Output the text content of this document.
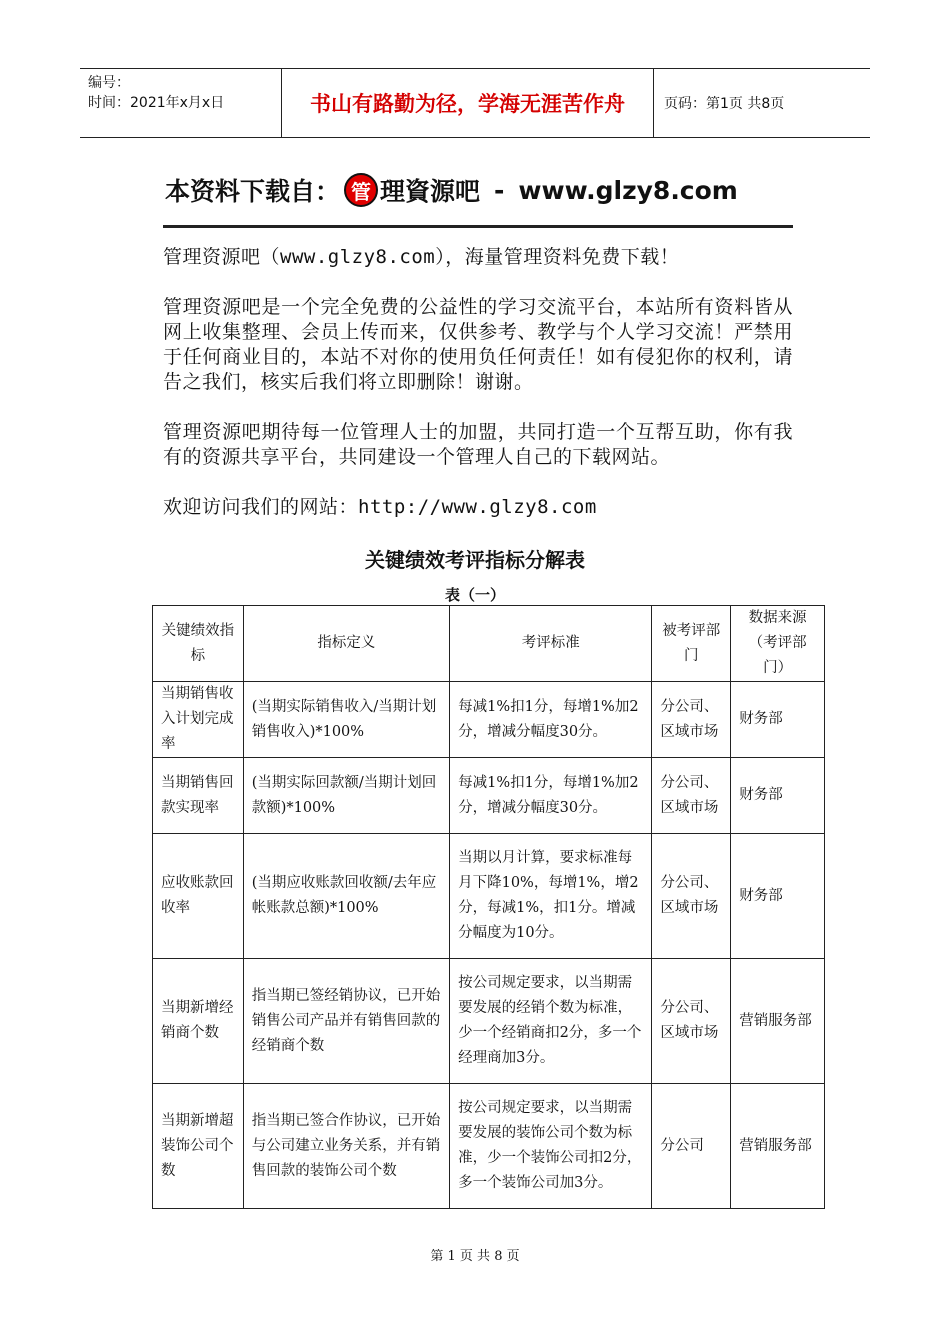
编号：
时间：2021年x月x日	书山有路勤为径，学海无涯苦作舟	页码：第1页 共8页
本资料下载自： 管 理資源吧 - www.glzy8.com
管理资源吧（www.glzy8.com），海量管理资料免费下载！
管理资源吧是一个完全免费的公益性的学习交流平台，本站所有资料皆从网上收集整理、会员上传而来，仅供参考、教学与个人学习交流！严禁用于任何商业目的，本站不对你的使用负任何责任！如有侵犯你的权利，请告之我们，核实后我们将立即删除！谢谢。
管理资源吧期待每一位管理人士的加盟，共同打造一个互帮互助，你有我有的资源共享平台，共同建设一个管理人自己的下载网站。
欢迎访问我们的网站：http://www.glzy8.com
关键绩效考评指标分解表
表（一）
关键绩效指标	指标定义	考评标准	被考评部门	数据来源（考评部门）
当期销售收入计划完成率	(当期实际销售收入/当期计划销售收入)*100%	每减1%扣1分，每增1%加2分，增减分幅度30分。	分公司、区域市场	财务部
当期销售回款实现率	(当期实际回款额/当期计划回款额)*100%	每减1%扣1分，每增1%加2分，增减分幅度30分。	分公司、区域市场	财务部
应收账款回收率	(当期应收账款回收额/去年应帐账款总额)*100%	当期以月计算，要求标准每月下降10%，每增1%，增2分，每减1%，扣1分。增减分幅度为10分。	分公司、区域市场	财务部
当期新增经销商个数	指当期已签经销协议，已开始销售公司产品并有销售回款的经销商个数	按公司规定要求，以当期需要发展的经销个数为标准，少一个经销商扣2分，多一个经理商加3分。	分公司、区域市场	营销服务部
当期新增超装饰公司个数	指当期已签合作协议，已开始与公司建立业务关系，并有销售回款的装饰公司个数	按公司规定要求，以当期需要发展的装饰公司个数为标准，少一个装饰公司扣2分，多一个装饰公司加3分。	分公司	营销服务部
第 1 页 共 8 页
